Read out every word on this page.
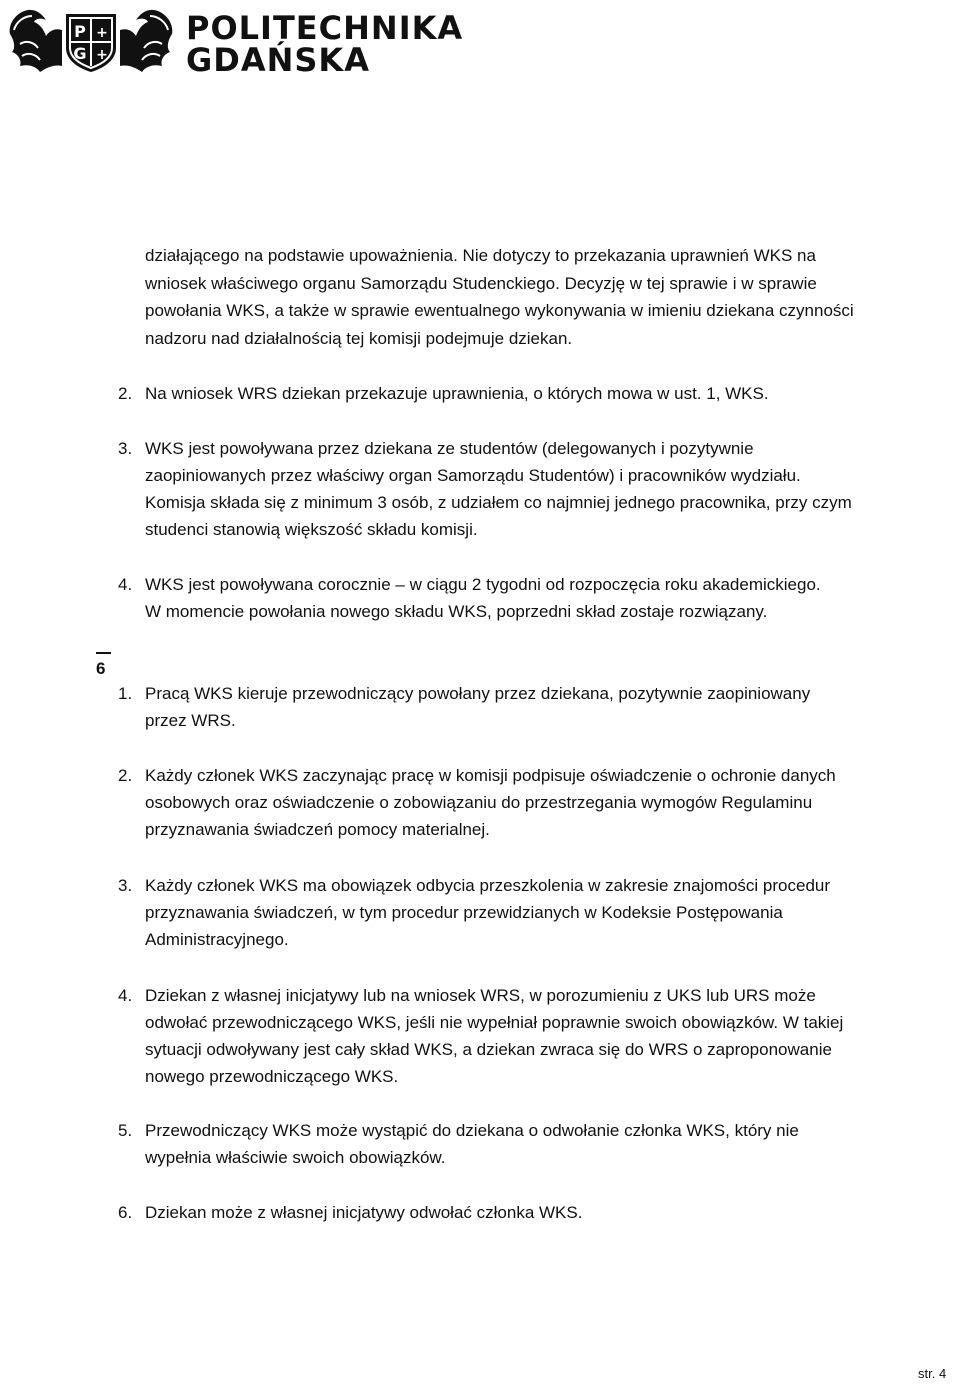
P
G
+
+
POLITECHNIKA
GDAŃSKA
działającego na podstawie upoważnienia. Nie dotyczy to przekazania uprawnień WKS na
wniosek właściwego organu Samorządu Studenckiego. Decyzję w tej sprawie i w sprawie
powołania WKS, a także w sprawie ewentualnego wykonywania w imieniu dziekana czynności
nadzoru nad działalnością tej komisji podejmuje dziekan.
2. Na wniosek WRS dziekan przekazuje uprawnienia, o których mowa w ust. 1, WKS.
3. WKS jest powoływana przez dziekana ze studentów (delegowanych i pozytywnie
zaopiniowanych przez właściwy organ Samorządu Studentów) i pracowników wydziału.
Komisja składa się z minimum 3 osób, z udziałem co najmniej jednego pracownika, przy czym
studenci stanowią większość składu komisji.
4. WKS jest powoływana corocznie – w ciągu 2 tygodni od rozpoczęcia roku akademickiego.
W momencie powołania nowego składu WKS, poprzedni skład zostaje rozwiązany.
6
1. Pracą WKS kieruje przewodniczący powołany przez dziekana, pozytywnie zaopiniowany
przez WRS.
2. Każdy członek WKS zaczynając pracę w komisji podpisuje oświadczenie o ochronie danych
osobowych oraz oświadczenie o zobowiązaniu do przestrzegania wymogów Regulaminu
przyznawania świadczeń pomocy materialnej.
3. Każdy członek WKS ma obowiązek odbycia przeszkolenia w zakresie znajomości procedur
przyznawania świadczeń, w tym procedur przewidzianych w Kodeksie Postępowania
Administracyjnego.
4. Dziekan z własnej inicjatywy lub na wniosek WRS, w porozumieniu z UKS lub URS może
odwołać przewodniczącego WKS, jeśli nie wypełniał poprawnie swoich obowiązków. W takiej
sytuacji odwoływany jest cały skład WKS, a dziekan zwraca się do WRS o zaproponowanie
nowego przewodniczącego WKS.
5. Przewodniczący WKS może wystąpić do dziekana o odwołanie członka WKS, który nie
wypełnia właściwie swoich obowiązków.
6. Dziekan może z własnej inicjatywy odwołać członka WKS.
str. 4
